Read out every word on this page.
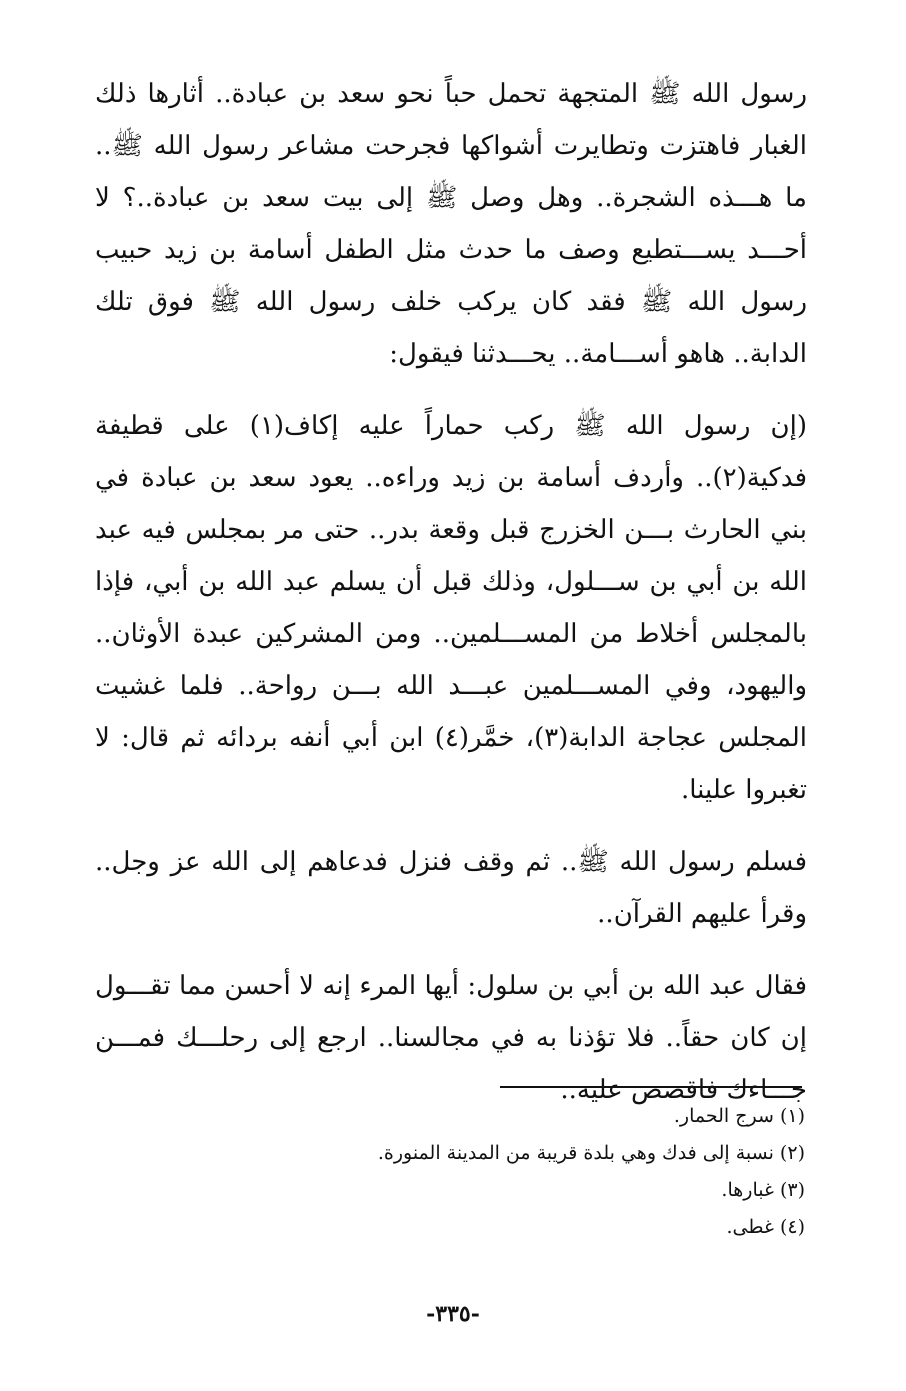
رسول الله ﷺ المتجهة تحمل حباً نحو سعد بن عبادة.. أثارها ذلك الغبار فاهتزت وتطايرت أشواكها فجرحت مشاعر رسول الله ﷺ.. ما هـــذه الشجرة.. وهل وصل ﷺ إلى بيت سعد بن عبادة..؟ لا أحـــد يســـتطيع وصف ما حدث مثل الطفل أسامة بن زيد حبيب رسول الله ﷺ فقد كان يركب خلف رسول الله ﷺ فوق تلك الدابة.. هاهو أســـامة.. يحـــدثنا فيقول:

(إن رسول الله ﷺ ركب حماراً عليه إكاف(١) على قطيفة فدكية(٢).. وأردف أسامة بن زيد وراءه.. يعود سعد بن عبادة في بني الحارث بـــن الخزرج قبل وقعة بدر.. حتى مر بمجلس فيه عبد الله بن أبي بن ســـلول، وذلك قبل أن يسلم عبد الله بن أبي، فإذا بالمجلس أخلاط من المســـلمين.. ومن المشركين عبدة الأوثان.. واليهود، وفي المســـلمين عبـــد الله بـــن رواحة.. فلما غشيت المجلس عجاجة الدابة(٣)، خمَّر(٤) ابن أبي أنفه بردائه ثم قال: لا تغبروا علينا.

فسلم رسول الله ﷺ.. ثم وقف فنزل فدعاهم إلى الله عز وجل.. وقرأ عليهم القرآن..

فقال عبد الله بن أبي بن سلول: أيها المرء إنه لا أحسن مما تقـــول إن كان حقاً.. فلا تؤذنا به في مجالسنا.. ارجع إلى رحلـــك فمـــن جـــاءك فاقصص عليه..

(١) سرج الحمار.

(٢) نسبة إلى فدك وهي بلدة قريبة من المدينة المنورة.

(٣) غبارها.

(٤) غطى.

-٣٣٥-
